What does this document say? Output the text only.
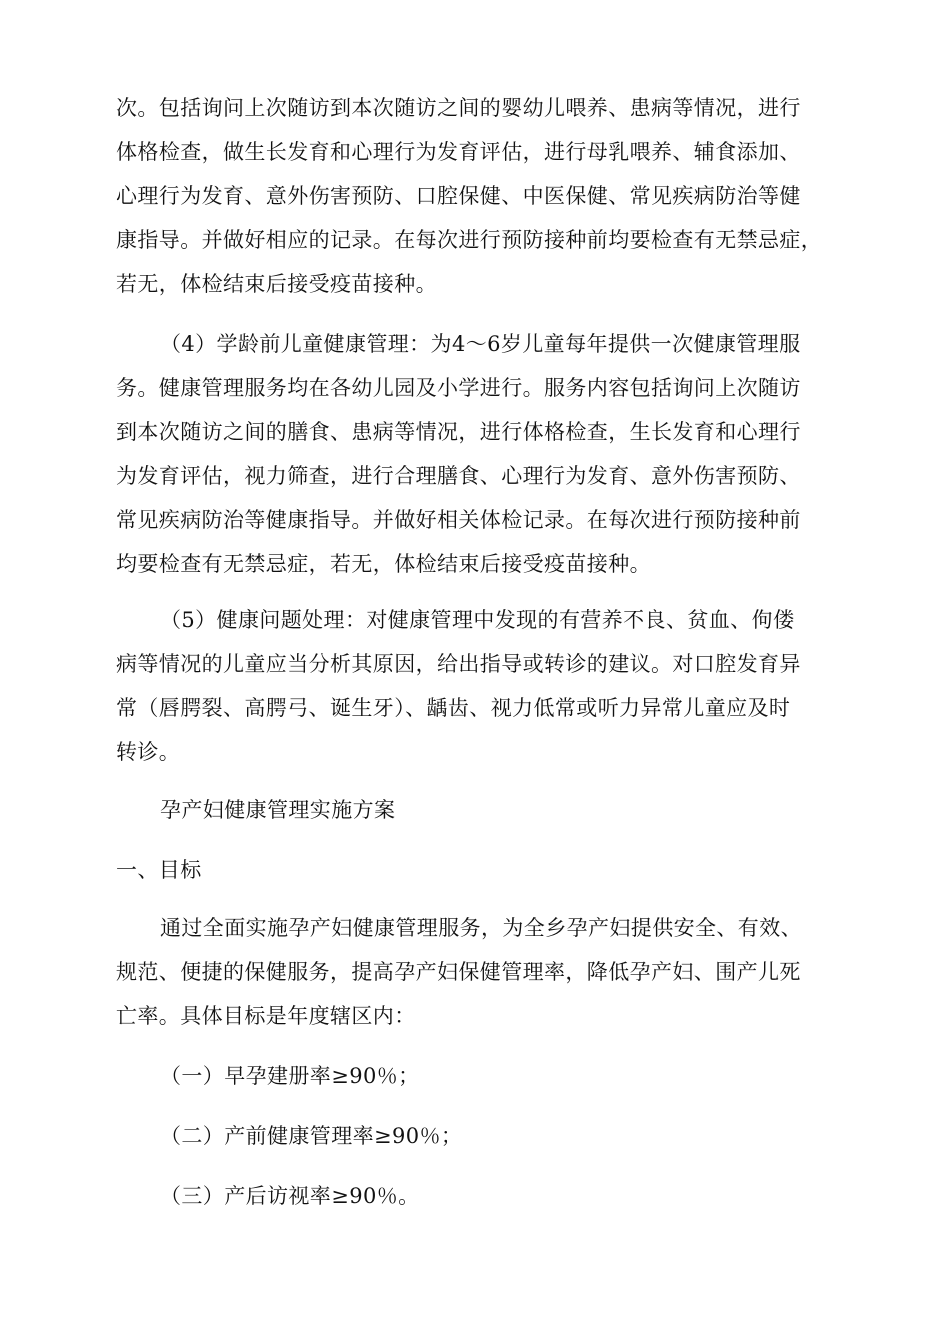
次。包括询问上次随访到本次随访之间的婴幼儿喂养、患病等情况，进行
体格检查，做生长发育和心理行为发育评估，进行母乳喂养、辅食添加、
心理行为发育、意外伤害预防、口腔保健、中医保健、常见疾病防治等健
康指导。并做好相应的记录。在每次进行预防接种前均要检查有无禁忌症，
若无，体检结束后接受疫苗接种。
（4）学龄前儿童健康管理：为4～6岁儿童每年提供一次健康管理服
务。健康管理服务均在各幼儿园及小学进行。服务内容包括询问上次随访
到本次随访之间的膳食、患病等情况，进行体格检查，生长发育和心理行
为发育评估，视力筛查，进行合理膳食、心理行为发育、意外伤害预防、
常见疾病防治等健康指导。并做好相关体检记录。在每次进行预防接种前
均要检查有无禁忌症，若无，体检结束后接受疫苗接种。
（5）健康问题处理：对健康管理中发现的有营养不良、贫血、佝偻
病等情况的儿童应当分析其原因，给出指导或转诊的建议。对口腔发育异
常（唇腭裂、高腭弓、诞生牙）、龋齿、视力低常或听力异常儿童应及时
转诊。
孕产妇健康管理实施方案
一、目标
通过全面实施孕产妇健康管理服务，为全乡孕产妇提供安全、有效、
规范、便捷的保健服务，提高孕产妇保健管理率，降低孕产妇、围产儿死
亡率。具体目标是年度辖区内：
（一）早孕建册率≥90％；
（二）产前健康管理率≥90％；
（三）产后访视率≥90％。
